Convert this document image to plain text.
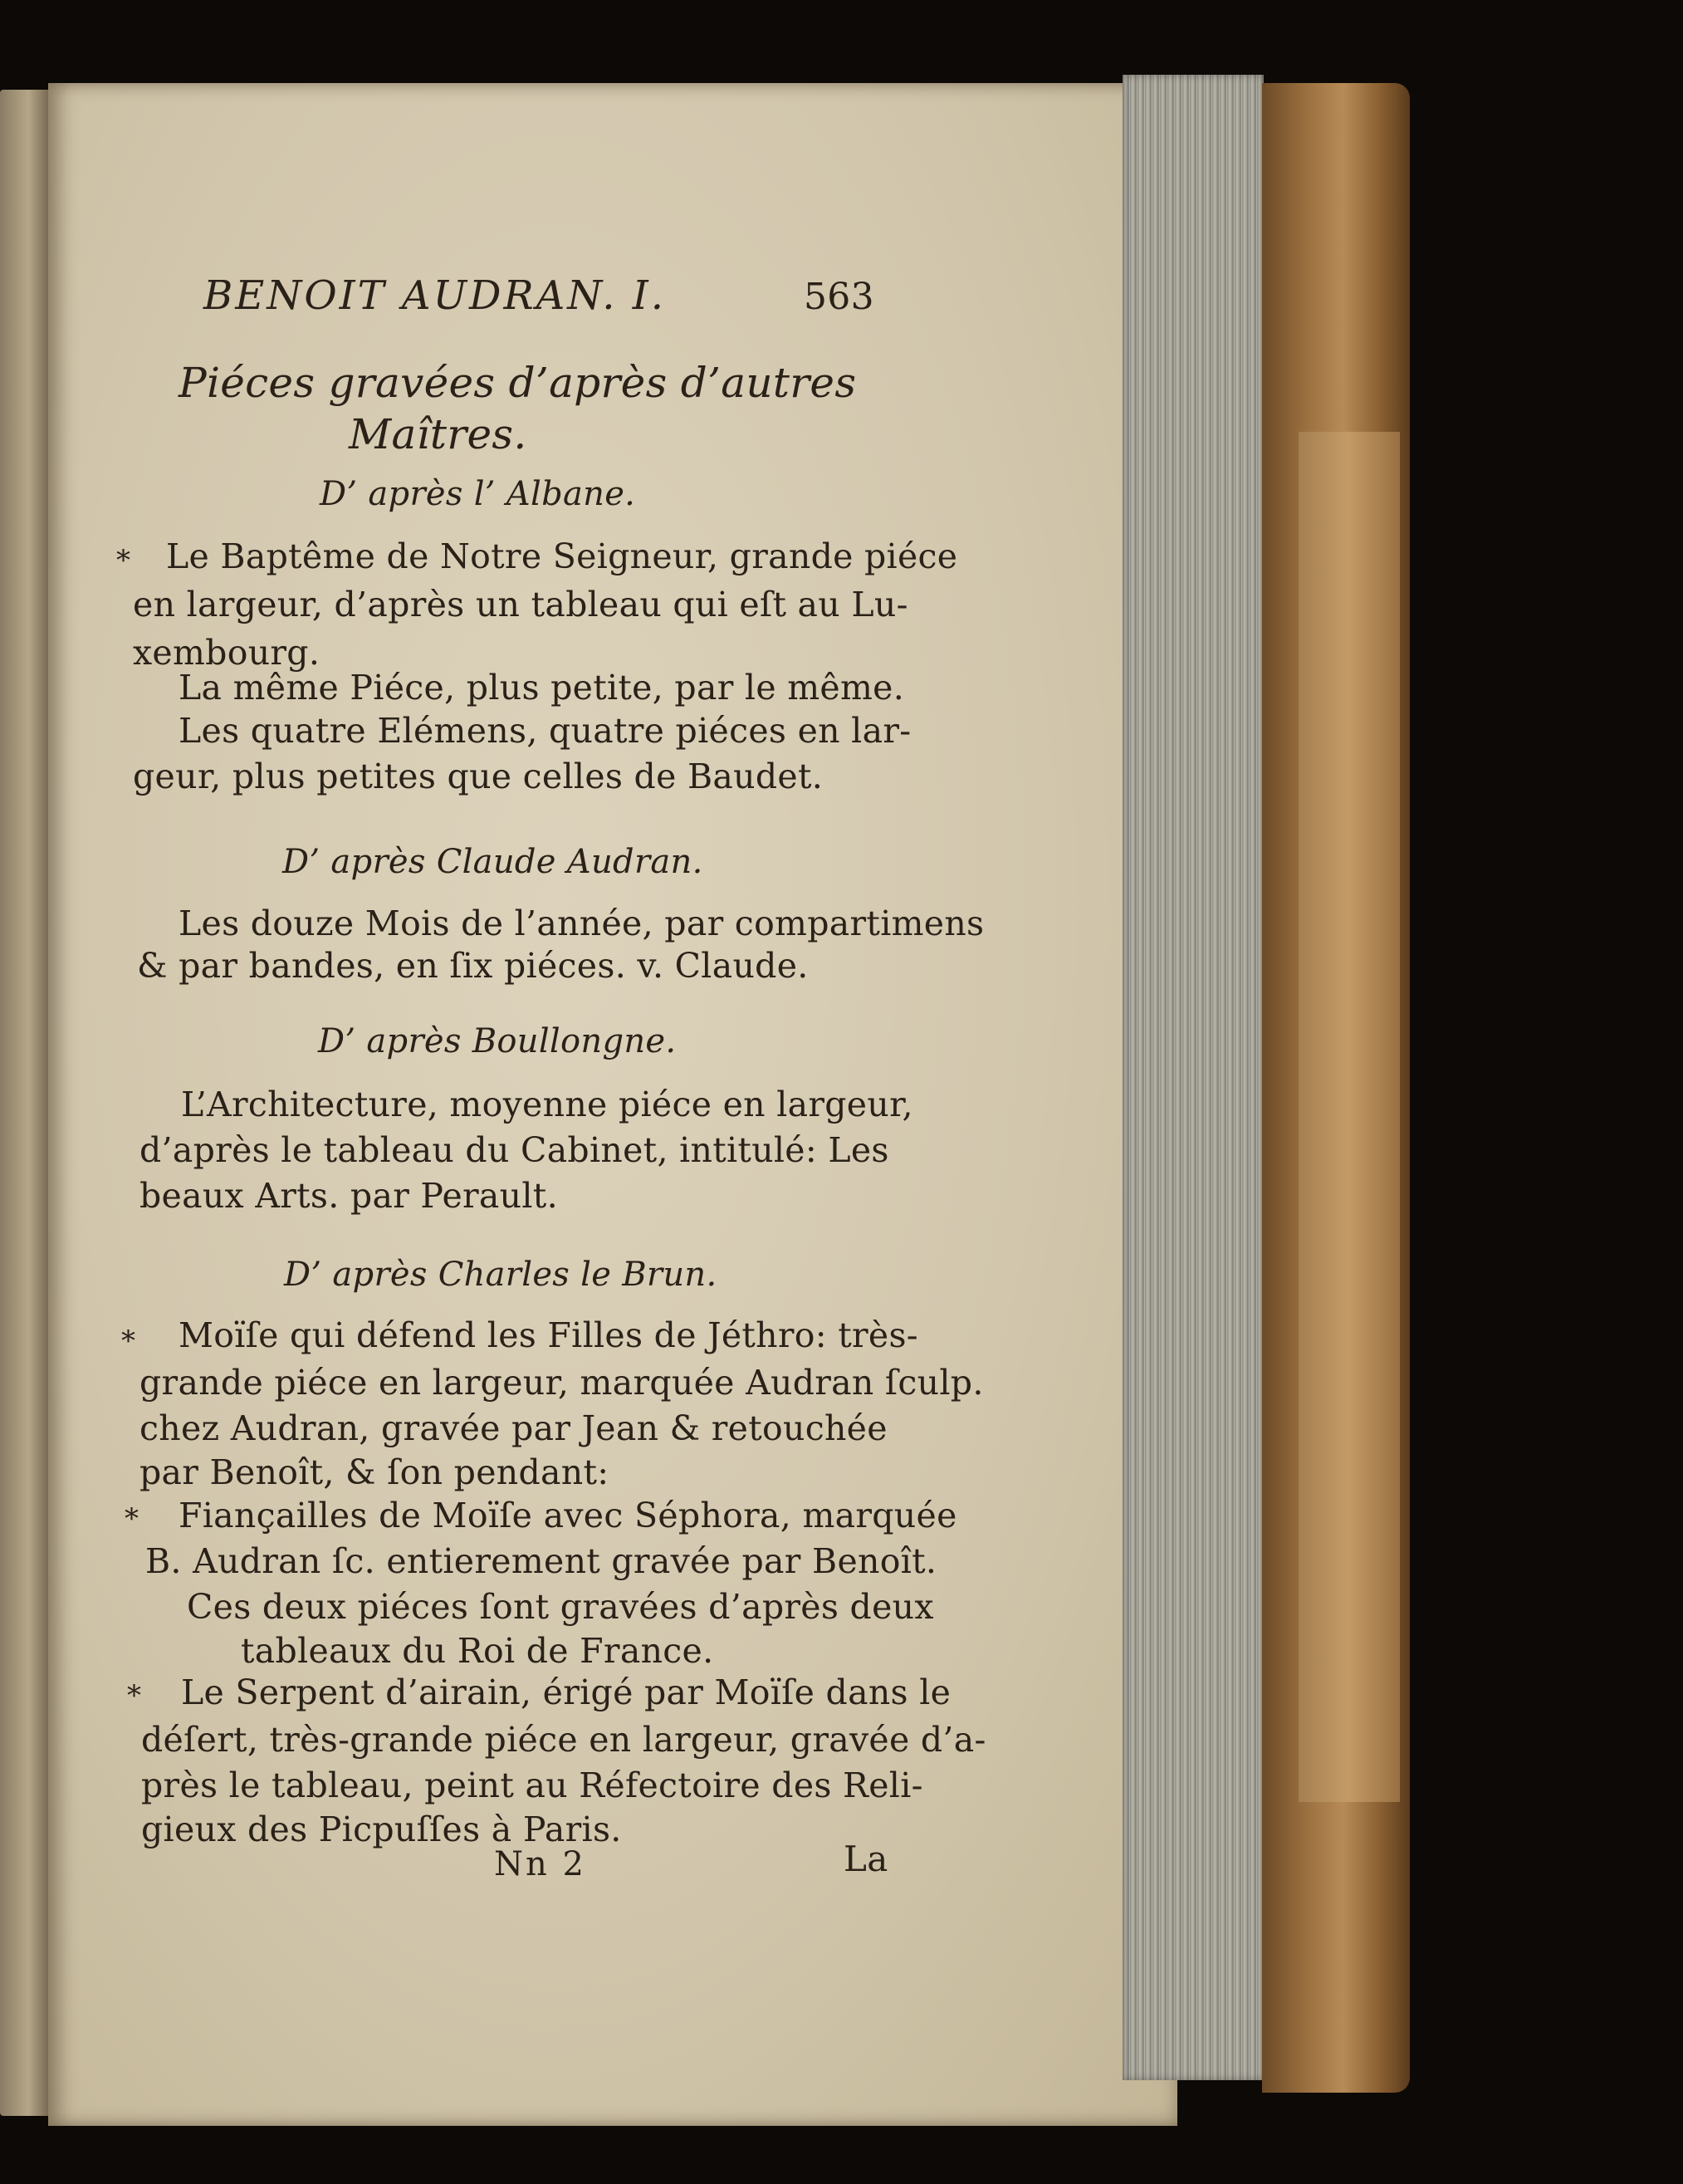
BENOIT AUDRAN. I.	563
Piéces gravées d’après d’autres
Maîtres.
D’ après l’ Albane.
* Le Baptême de Notre Seigneur, grande piéce
en largeur, d’après un tableau qui eſt au Lu-
xembourg.
La même Piéce, plus petite, par le même.
Les quatre Elémens, quatre piéces en lar-
geur, plus petites que celles de Baudet.
D’ après Claude Audran.
Les douze Mois de l’année, par compartimens
& par bandes, en ſix piéces. v. Claude.
D’ après Boullongne.
L’Architecture, moyenne piéce en largeur,
d’après le tableau du Cabinet, intitulé: Les
beaux Arts. par Perault.
D’ après Charles le Brun.
* Moïſe qui défend les Filles de Jéthro: très-
grande piéce en largeur, marquée Audran ſculp.
chez Audran, gravée par Jean & retouchée
par Benoît, & ſon pendant:
* Fiançailles de Moïſe avec Séphora, marquée
B. Audran ſc. entierement gravée par Benoît.
Ces deux piéces ſont gravées d’après deux
tableaux du Roi de France.
* Le Serpent d’airain, érigé par Moïſe dans le
déſert, très-grande piéce en largeur, gravée d’a-
près le tableau, peint au Réfectoire des Reli-
gieux des Picpuſſes à Paris.
Nn 2	La
